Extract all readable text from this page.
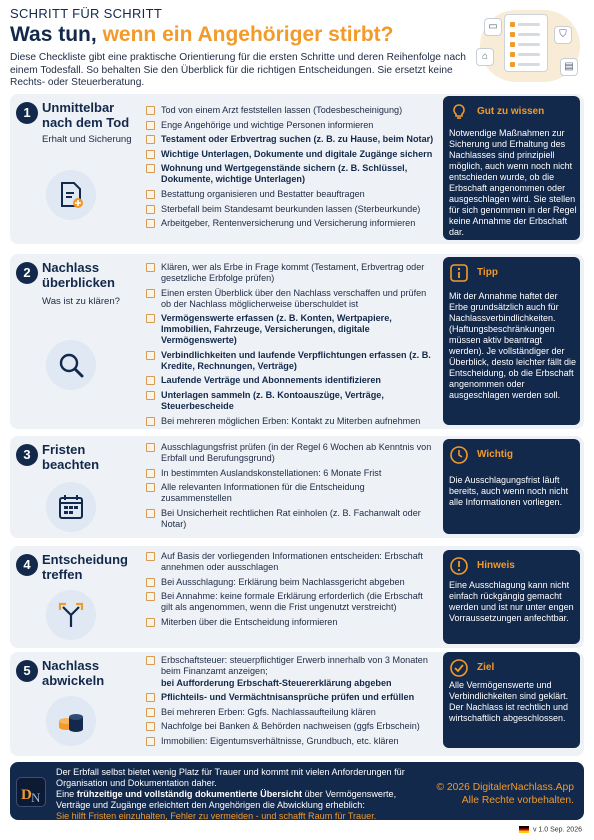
SCHRITT FÜR SCHRITT
Was tun, wenn ein Angehöriger stirbt?
Diese Checkliste gibt eine praktische Orientierung für die ersten Schritte und deren Reihenfolge nach einem Todesfall. So behalten Sie den Überblick für die richtigen Entscheidungen. Sie ersetzt keine Rechts- oder Steuerberatung.
▭
⛉
⌂
▤
1 Unmittelbar nach dem Tod
Erhalt und Sicherung
Tod von einem Arzt feststellen lassen (Todesbescheinigung)
Enge Angehörige und wichtige Personen informieren
Testament oder Erbvertrag suchen (z. B. zu Hause, beim Notar)
Wichtige Unterlagen, Dokumente und digitale Zugänge sichern
Wohnung und Wertgegenstände sichern (z. B. Schlüssel, Dokumente, wichtige Unterlagen)
Bestattung organisieren und Bestatter beauftragen
Sterbefall beim Standesamt beurkunden lassen (Sterbeurkunde)
Arbeitgeber, Rentenversicherung und Versicherung informieren
Gut zu wissen
Notwendige Maßnahmen zur Sicherung und Erhaltung des Nachlasses sind prinzipiell möglich, auch wenn noch nicht entschieden wurde, ob die Erbschaft angenommen oder ausgeschlagen wird. Sie stellen für sich genommen in der Regel keine Annahme der Erbschaft dar.
2 Nachlass überblicken
Was ist zu klären?
Klären, wer als Erbe in Frage kommt (Testament, Erbvertrag oder gesetzliche Erbfolge prüfen)
Einen ersten Überblick über den Nachlass verschaffen und prüfen ob der Nachlass möglicherweise überschuldet ist
Vermögenswerte erfassen (z. B. Konten, Wertpapiere, Immobilien, Fahrzeuge, Versicherungen, digitale Vermögenswerte)
Verbindlichkeiten und laufende Verpflichtungen erfassen (z. B. Kredite, Rechnungen, Verträge)
Laufende Verträge und Abonnements identifizieren
Unterlagen sammeln (z. B. Kontoauszüge, Verträge, Steuerbescheide
Bei mehreren möglichen Erben: Kontakt zu Miterben aufnehmen
Tipp
Mit der Annahme haftet der Erbe grundsätzlich auch für Nachlassverbindlichkeiten. (Haftungsbeschränkungen müssen aktiv beantragt werden). Je vollständiger der Überblick, desto leichter fällt die Entscheidung, ob die Erbschaft angenommen oder ausgeschlagen werden soll.
3 Fristen beachten
Ausschlagungsfrist prüfen (in der Regel 6 Wochen ab Kenntnis von Erbfall und Berufungsgrund)
In bestimmten Auslandskonstellationen: 6 Monate Frist
Alle relevanten Informationen für die Entscheidung zusammenstellen
Bei Unsicherheit rechtlichen Rat einholen (z. B. Fachanwalt oder Notar)
Wichtig
Die Ausschlagungsfrist läuft bereits, auch wenn noch nicht alle Informationen vorliegen.
4 Entscheidung treffen
Auf Basis der vorliegenden Informationen entscheiden: Erbschaft annehmen oder ausschlagen
Bei Ausschlagung: Erklärung beim Nachlassgericht abgeben
Bei Annahme: keine formale Erklärung erforderlich (die Erbschaft gilt als angenommen, wenn die Frist ungenutzt verstreicht)
Miterben über die Entscheidung informieren
Hinweis
Eine Ausschlagung kann nicht einfach rückgängig gemacht werden und ist nur unter engen Vorraussetzungen anfechtbar.
5 Nachlass abwickeln
Erbschaftsteuer: steuerpflichtiger Erwerb innerhalb von 3 Monaten beim Finanzamt anzeigen;
bei Aufforderung Erbschaft-Steuererklärung abgeben
Pflichteils- und Vermächtnisansprüche prüfen und erfüllen
Bei mehreren Erben: Ggfs. Nachlassaufteilung klären
Nachfolge bei Banken & Behörden nachweisen (ggfs Erbschein)
Immobilien: Eigentumsverhältnisse, Grundbuch, etc. klären
Ziel
Alle Vermögenswerte und Verbindlichkeiten sind geklärt. Der Nachlass ist rechtlich und wirtschaftlich abgeschlossen.
D N
Der Erbfall selbst bietet wenig Platz für Trauer und kommt mit vielen Anforderungen für Organisation und Dokumentation daher.
Eine frühzeitige und vollständig dokumentierte Übersicht über Vermögenswerte, Verträge und Zugänge erleichtert den Angehörigen die Abwicklung erheblich:
Sie hilft Fristen einzuhalten, Fehler zu vermeiden - und schafft Raum für Trauer.
© 2026 DigitalerNachlass.App
Alle Rechte vorbehalten.
v 1.0 Sep. 2026
